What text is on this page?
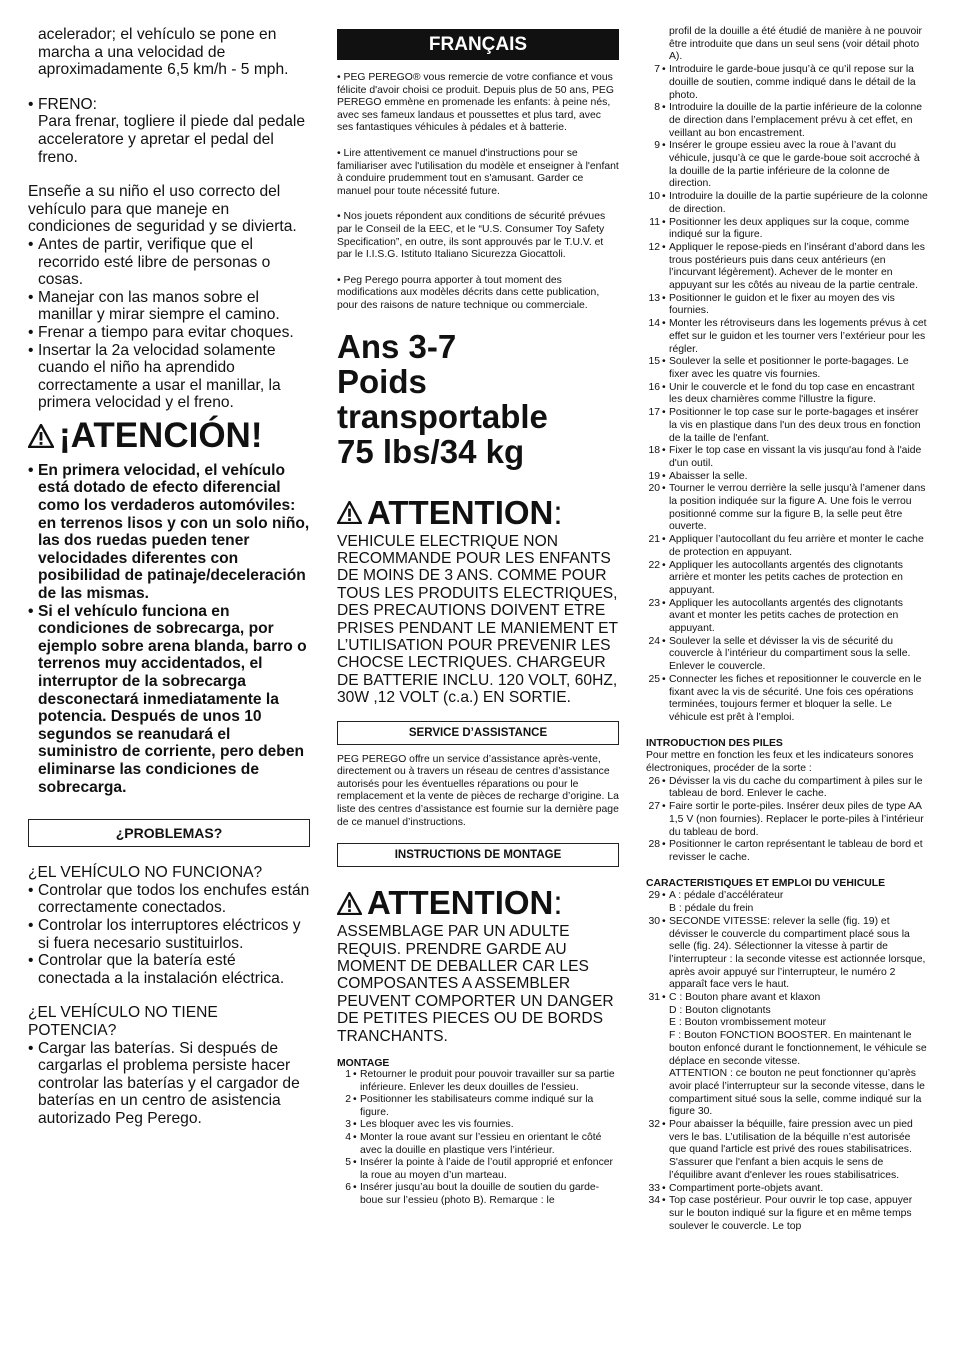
acelerador; el vehículo se pone en marcha a una velocidad de aproximadamente 6,5 km/h - 5 mph.

• FRENO:
Para frenar, togliere il piede dal pedale acceleratore y apretar el pedal del freno.

Enseñe a su niño el uso correcto del vehículo para que maneje en condiciones de seguridad y se divierta.

• Antes de partir, verifique que el recorrido esté libre de personas o cosas.
• Manejar con las manos sobre el manillar y mirar siempre el camino.
• Frenar a tiempo para evitar choques.
• Insertar la 2a velocidad solamente cuando el niño ha aprendido correctamente a usar el manillar, la primera velocidad y el freno.
¡ATENCIÓN!
• En primera velocidad, el vehículo está dotado de efecto diferencial como los verdaderos automóviles: en terrenos lisos y con un solo niño, las dos ruedas pueden tener velocidades diferentes con posibilidad de patinaje/deceleración de las mismas.
• Si el vehículo funciona en condiciones de sobrecarga, por ejemplo sobre arena blanda, barro o terrenos muy accidentados, el interruptor de la sobrecarga desconectará inmediatamente la potencia. Después de unos 10 segundos se reanudará el suministro de corriente, pero deben eliminarse las condiciones de sobrecarga.
¿PROBLEMAS?

¿EL VEHÍCULO NO FUNCIONA?

• Controlar que todos los enchufes están correctamente conectados.
• Controlar los interruptores eléctricos y si fuera necesario sustituirlos.
• Controlar que la batería esté conectada a la instalación eléctrica.

¿EL VEHÍCULO NO TIENE POTENCIA?

• Cargar las baterías. Si después de cargarlas el problema persiste hacer controlar las baterías y el cargador de baterías en un centro de asistencia autorizado Peg Perego.
FRANÇAIS

• PEG PEREGO® vous remercie de votre confiance et vous félicite d'avoir choisi ce produit. Depuis plus de 50 ans, PEG PEREGO emmène en promenade les enfants: à peine nés, avec ses fameux landaus et poussettes et plus tard, avec ses fantastiques véhicules à pédales et à batterie.

• Lire attentivement ce manuel d'instructions pour se familiariser avec l'utilisation du modèle et enseigner à l'enfant à conduire prudemment tout en s'amusant. Garder ce manuel pour toute nécessité future.

• Nos jouets répondent aux conditions de sécurité prévues par le Conseil de la EEC, et le “U.S. Consumer Toy Safety Specification”, en outre, ils sont approuvés par le T.U.V. et par le I.I.S.G. Istituto Italiano Sicurezza Giocattoli.

• Peg Perego pourra apporter à tout moment des modifications aux modèles décrits dans cette publication, pour des raisons de nature technique ou commerciale.

Ans 3-7

Poids

transportable

75 lbs/34 kg

ATTENTION :

VEHICULE ELECTRIQUE NON RECOMMANDE POUR LES ENFANTS DE MOINS DE 3 ANS. COMME POUR TOUS LES PRODUITS ELECTRIQUES, DES PRECAUTIONS DOIVENT ETRE PRISES PENDANT LE MANIEMENT ET L’UTILISATION POUR PREVENIR LES CHOCSE LECTRIQUES. CHARGEUR DE BATTERIE INCLU. 120 VOLT, 60HZ, 30W ,12 VOLT (c.a.) EN SORTIE.

SERVICE D’ASSISTANCE

PEG PEREGO offre un service d’assistance après-vente, directement ou à travers un réseau de centres d’assistance autorisés pour les éventuelles réparations ou pour le remplacement et la vente de pièces de recharge d’origine. La liste des centres d’assistance est fournie sur la dernière page de ce manuel d’instructions.

INSTRUCTIONS DE MONTAGE
ATTENTION :

ASSEMBLAGE PAR UN ADULTE REQUIS. PRENDRE GARDE AU MOMENT DE DEBALLER CAR LES COMPOSANTES A ASSEMBLER PEUVENT COMPORTER UN DANGER DE PETITES PIECES OU DE BORDS TRANCHANTS.

MONTAGE

1 • Retourner le produit pour pouvoir travailler sur sa partie inférieure. Enlever les deux douilles de l'essieu.
2 • Positionner les stabilisateurs comme indiqué sur la figure.
3 • Les bloquer avec les vis fournies.
4 • Monter la roue avant sur l’essieu en orientant le côté avec la douille en plastique vers l’intérieur.
5 • Insérer la pointe à l’aide de l’outil approprié et enfoncer la roue au moyen d’un marteau.
6 • Insérer jusqu’au bout la douille de soutien du garde-boue sur l’essieu (photo B). Remarque : le

profil de la douille a été étudié de manière à ne pouvoir être introduite que dans un seul sens (voir détail photo A).

7 • Introduire le garde-boue jusqu’à ce qu’il repose sur la douille de soutien, comme indiqué dans le détail de la photo.
8 • Introduire la douille de la partie inférieure de la colonne de direction dans l’emplacement prévu à cet effet, en veillant au bon encastrement.
9 • Insérer le groupe essieu avec la roue à l’avant du véhicule, jusqu’à ce que le garde-boue soit accroché à la douille de la partie inférieure de la colonne de direction.
10 • Introduire la douille de la partie supérieure de la colonne de direction.
11 • Positionner les deux appliques sur la coque, comme indiqué sur la figure.
12 • Appliquer le repose-pieds en l’insérant d’abord dans les trous postérieurs puis dans ceux antérieurs (en l’incurvant légèrement). Achever de le monter en appuyant sur les côtés au niveau de la partie centrale.
13 • Positionner le guidon et le fixer au moyen des vis fournies.
14 • Monter les rétroviseurs dans les logements prévus à cet effet sur le guidon et les tourner vers l’extérieur pour les régler.
15 • Soulever la selle et positionner le porte-bagages. Le fixer avec les quatre vis fournies.
16 • Unir le couvercle et le fond du top case en encastrant les deux charnières comme l'illustre la figure.
17 • Positionner le top case sur le porte-bagages et insérer la vis en plastique dans l'un des deux trous en fonction de la taille de l'enfant.
18 • Fixer le top case en vissant la vis jusqu'au fond à l'aide d'un outil.
19 • Abaisser la selle.
20 • Tourner le verrou derrière la selle jusqu’à l’amener dans la position indiquée sur la figure A. Une fois le verrou positionné comme sur la figure B, la selle peut être ouverte.
21 • Appliquer l’autocollant du feu arrière et monter le cache de protection en appuyant.
22 • Appliquer les autocollants argentés des clignotants arrière et monter les petits caches de protection en appuyant.
23 • Appliquer les autocollants argentés des clignotants avant et monter les petits caches de protection en appuyant.
24 • Soulever la selle et dévisser la vis de sécurité du couvercle à l’intérieur du compartiment sous la selle. Enlever le couvercle.
25 • Connecter les fiches et repositionner le couvercle en le fixant avec la vis de sécurité. Une fois ces opérations terminées, toujours fermer et bloquer la selle. Le véhicule est prêt à l’emploi.

INTRODUCTION DES PILES

Pour mettre en fonction les feux et les indicateurs sonores électroniques, procéder de la sorte :

26 • Dévisser la vis du cache du compartiment à piles sur le tableau de bord. Enlever le cache.
27 • Faire sortir le porte-piles. Insérer deux piles de type AA 1,5 V (non fournies). Replacer le porte-piles à l’intérieur du tableau de bord.
28 • Positionner le carton représentant le tableau de bord et revisser le cache.

CARACTERISTIQUES ET EMPLOI DU VEHICULE

29 • A : pédale d’accélérateur
B : pédale du frein
30 • SECONDE VITESSE: relever la selle (fig. 19) et dévisser le couvercle du compartiment placé sous la selle (fig. 24). Sélectionner la vitesse à partir de l’interrupteur : la seconde vitesse est actionnée lorsque, après avoir appuyé sur l’interrupteur, le numéro 2 apparaît face vers le haut.
31 • C : Bouton phare avant et klaxon
D : Bouton clignotants
E : Bouton vrombissement moteur
F : Bouton FONCTION BOOSTER. En maintenant le bouton enfoncé durant le fonctionnement, le véhicule se déplace en seconde vitesse.
ATTENTION : ce bouton ne peut fonctionner qu’après avoir placé l’interrupteur sur la seconde vitesse, dans le compartiment situé sous la selle, comme indiqué sur la figure 30.
32 • Pour abaisser la béquille, faire pression avec un pied vers le bas. L’utilisation de la béquille n’est autorisée que quand l'article est privé des roues stabilisatrices. S'assurer que l'enfant a bien acquis le sens de l’équilibre avant d'enlever les roues stabilisatrices.
33 • Compartiment porte-objets avant.
34 • Top case postérieur. Pour ouvrir le top case, appuyer sur le bouton indiqué sur la figure et en même temps soulever le couvercle. Le top
